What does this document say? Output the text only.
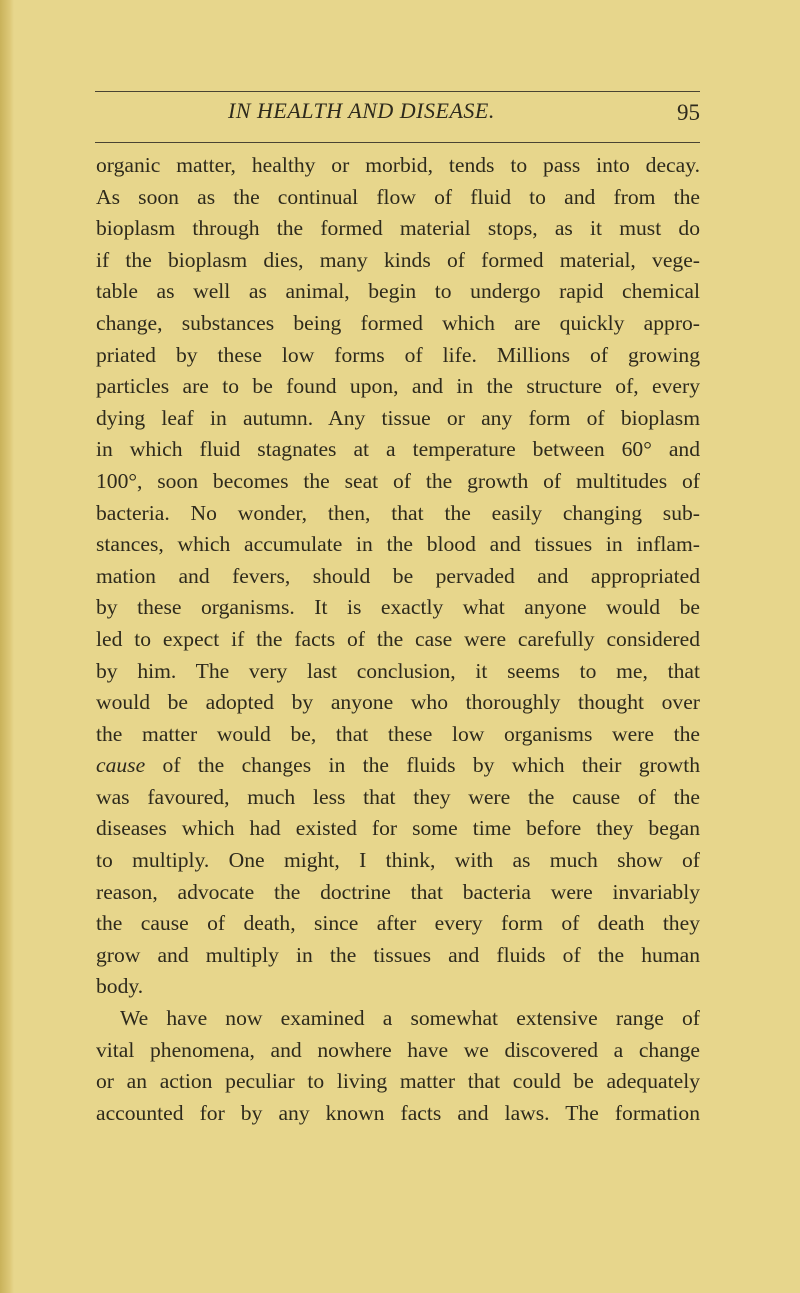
IN HEALTH AND DISEASE.	95
organic matter, healthy or morbid, tends to pass into decay.
As soon as the continual flow of fluid to and from the
bioplasm through the formed material stops, as it must do
if the bioplasm dies, many kinds of formed material, vege-
table as well as animal, begin to undergo rapid chemical
change, substances being formed which are quickly appro-
priated by these low forms of life. Millions of growing
particles are to be found upon, and in the structure of, every
dying leaf in autumn. Any tissue or any form of bioplasm
in which fluid stagnates at a temperature between 60° and
100°, soon becomes the seat of the growth of multitudes of
bacteria. No wonder, then, that the easily changing sub-
stances, which accumulate in the blood and tissues in inflam-
mation and fevers, should be pervaded and appropriated
by these organisms. It is exactly what anyone would be
led to expect if the facts of the case were carefully considered
by him. The very last conclusion, it seems to me, that
would be adopted by anyone who thoroughly thought over
the matter would be, that these low organisms were the
cause of the changes in the fluids by which their growth
was favoured, much less that they were the cause of the
diseases which had existed for some time before they began
to multiply. One might, I think, with as much show of
reason, advocate the doctrine that bacteria were invariably
the cause of death, since after every form of death they
grow and multiply in the tissues and fluids of the human
body.
We have now examined a somewhat extensive range of
vital phenomena, and nowhere have we discovered a change
or an action peculiar to living matter that could be adequately
accounted for by any known facts and laws. The formation
